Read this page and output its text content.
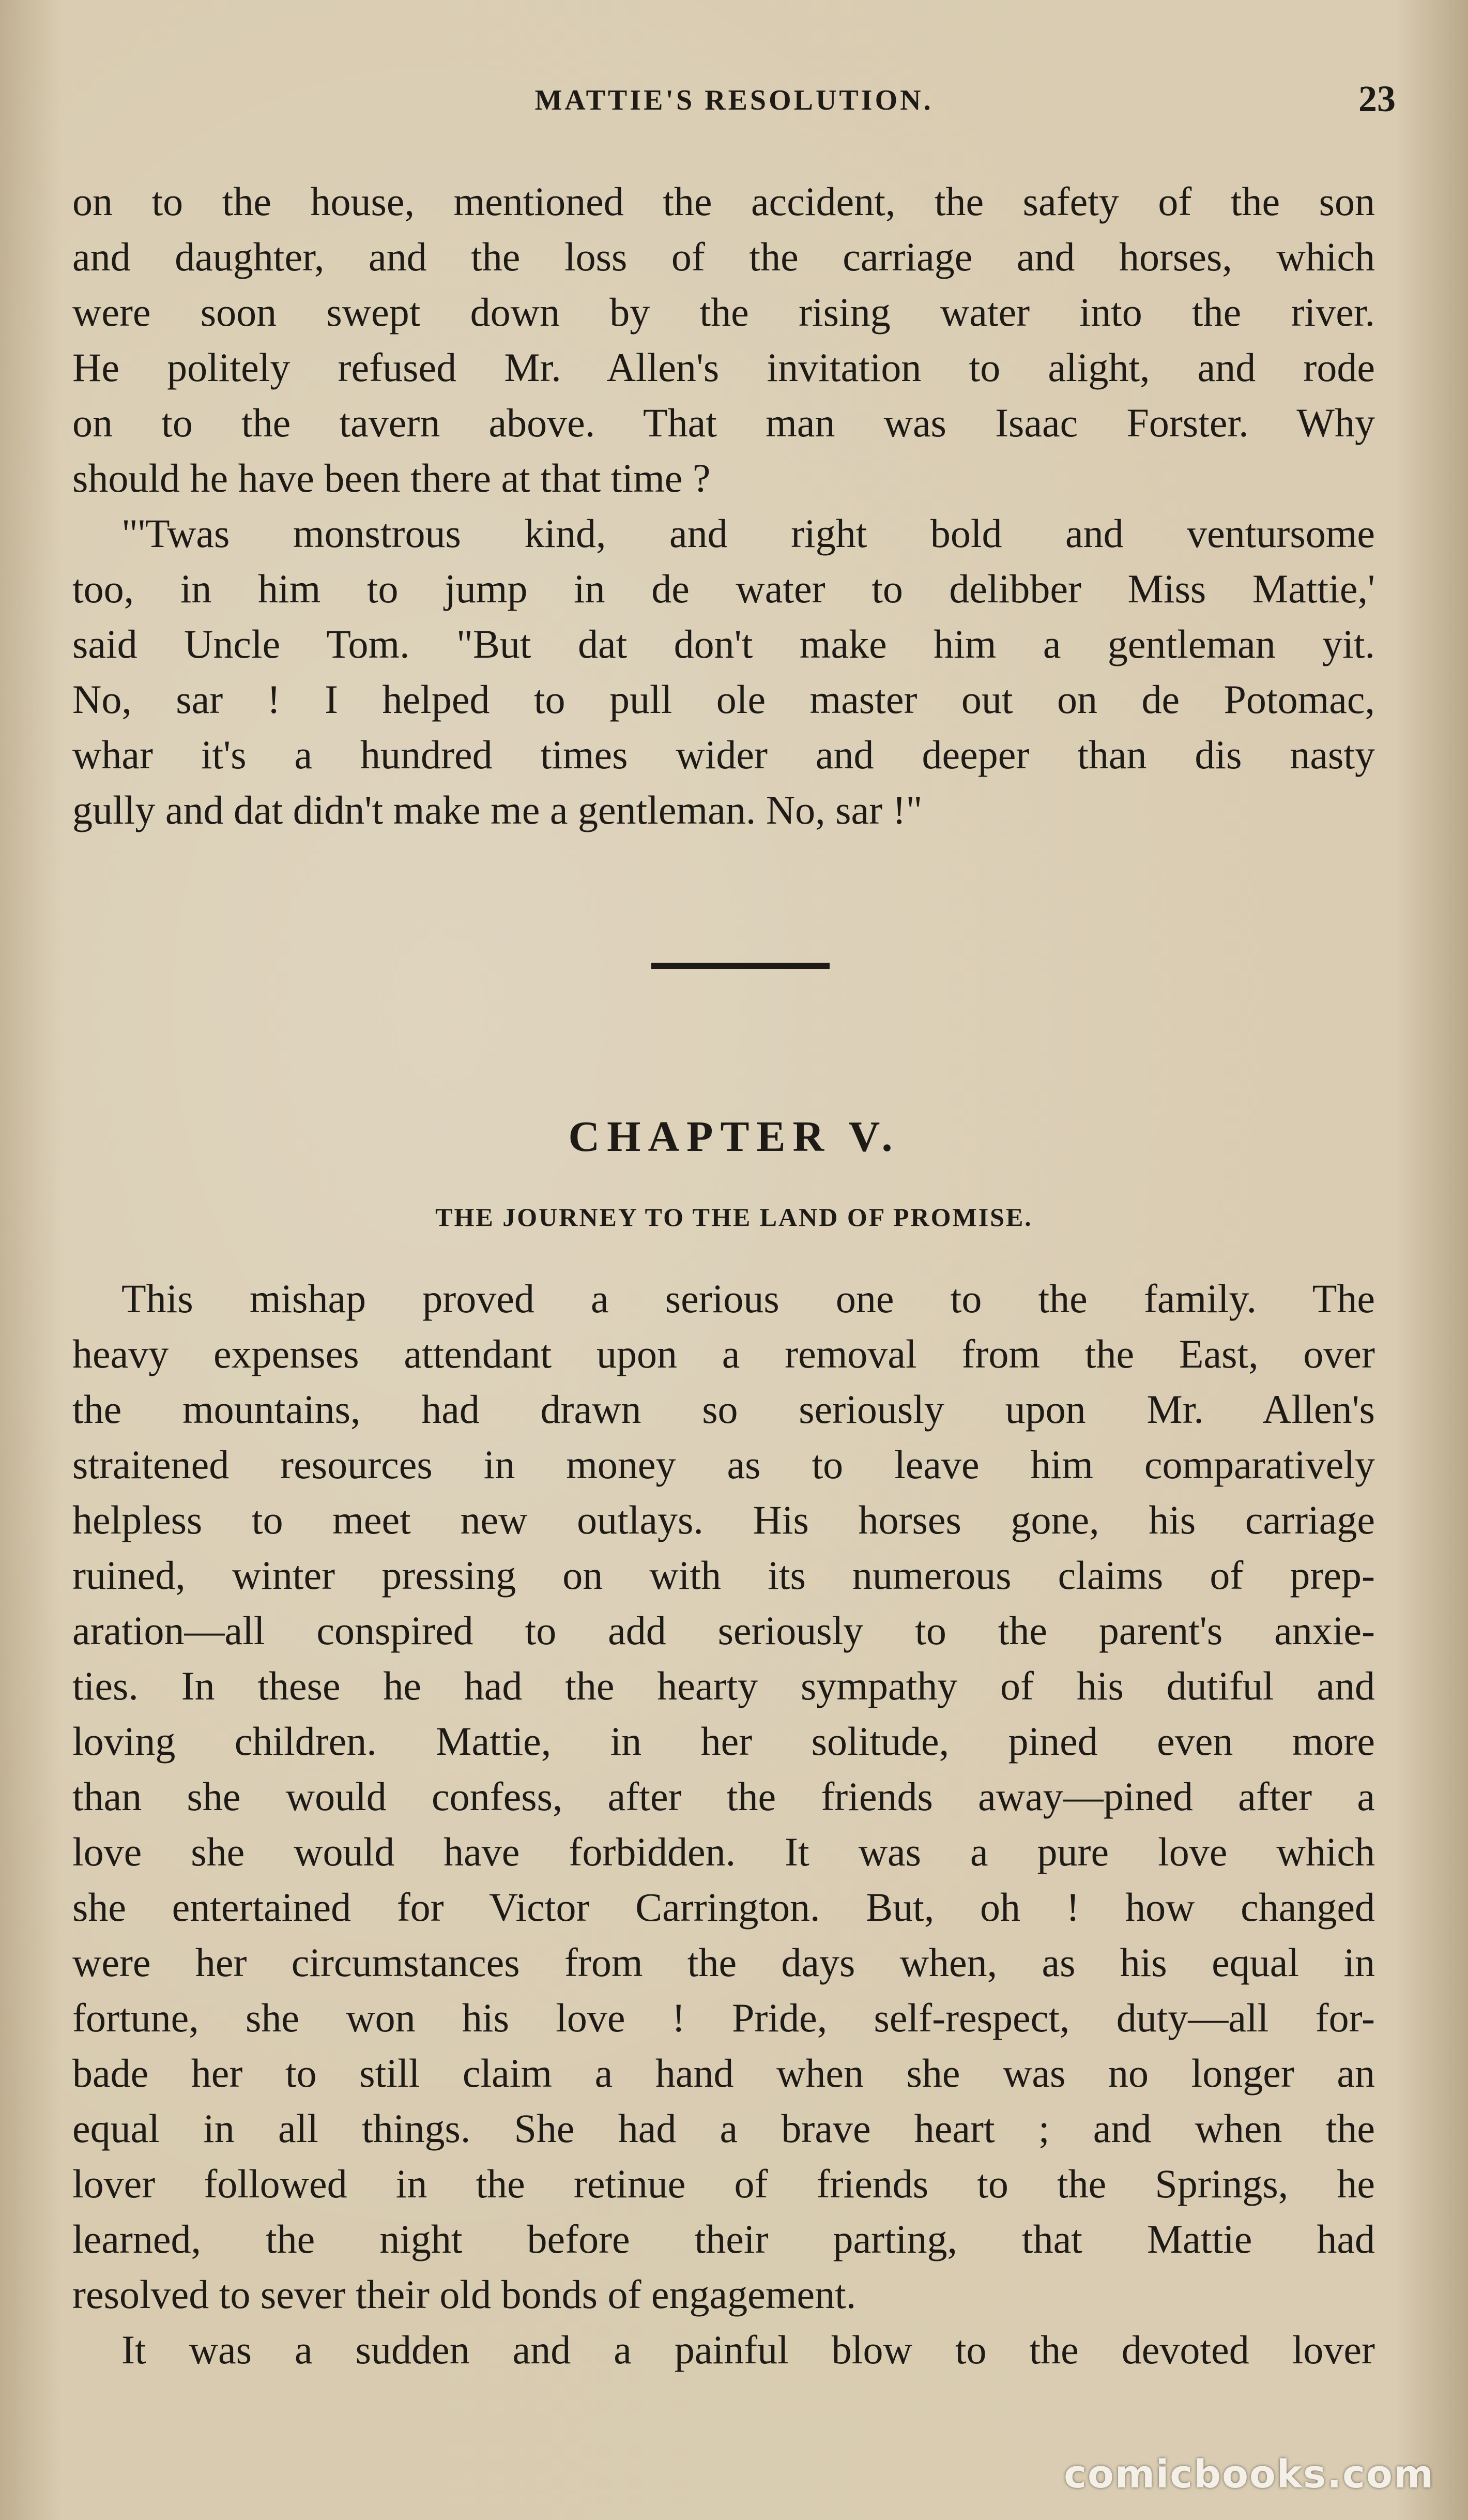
MATTIE'S RESOLUTION.	23
on to the house, mentioned the accident, the safety of the son
and daughter, and the loss of the carriage and horses, which
were soon swept down by the rising water into the river.
He politely refused Mr. Allen's invitation to alight, and rode
on to the tavern above. That man was Isaac Forster. Why
should he have been there at that time ?
"'Twas monstrous kind, and right bold and ventursome
too, in him to jump in de water to delibber Miss Mattie,'
said Uncle Tom. "But dat don't make him a gentleman yit.
No, sar ! I helped to pull ole master out on de Potomac,
whar it's a hundred times wider and deeper than dis nasty
gully and dat didn't make me a gentleman. No, sar !"
CHAPTER V.
THE JOURNEY TO THE LAND OF PROMISE.
This mishap proved a serious one to the family. The
heavy expenses attendant upon a removal from the East, over
the mountains, had drawn so seriously upon Mr. Allen's
straitened resources in money as to leave him comparatively
helpless to meet new outlays. His horses gone, his carriage
ruined, winter pressing on with its numerous claims of prep-
aration—all conspired to add seriously to the parent's anxie-
ties. In these he had the hearty sympathy of his dutiful and
loving children. Mattie, in her solitude, pined even more
than she would confess, after the friends away—pined after a
love she would have forbidden. It was a pure love which
she entertained for Victor Carrington. But, oh ! how changed
were her circumstances from the days when, as his equal in
fortune, she won his love ! Pride, self-respect, duty—all for-
bade her to still claim a hand when she was no longer an
equal in all things. She had a brave heart ; and when the
lover followed in the retinue of friends to the Springs, he
learned, the night before their parting, that Mattie had
resolved to sever their old bonds of engagement.
It was a sudden and a painful blow to the devoted lover
comicbooks.com
